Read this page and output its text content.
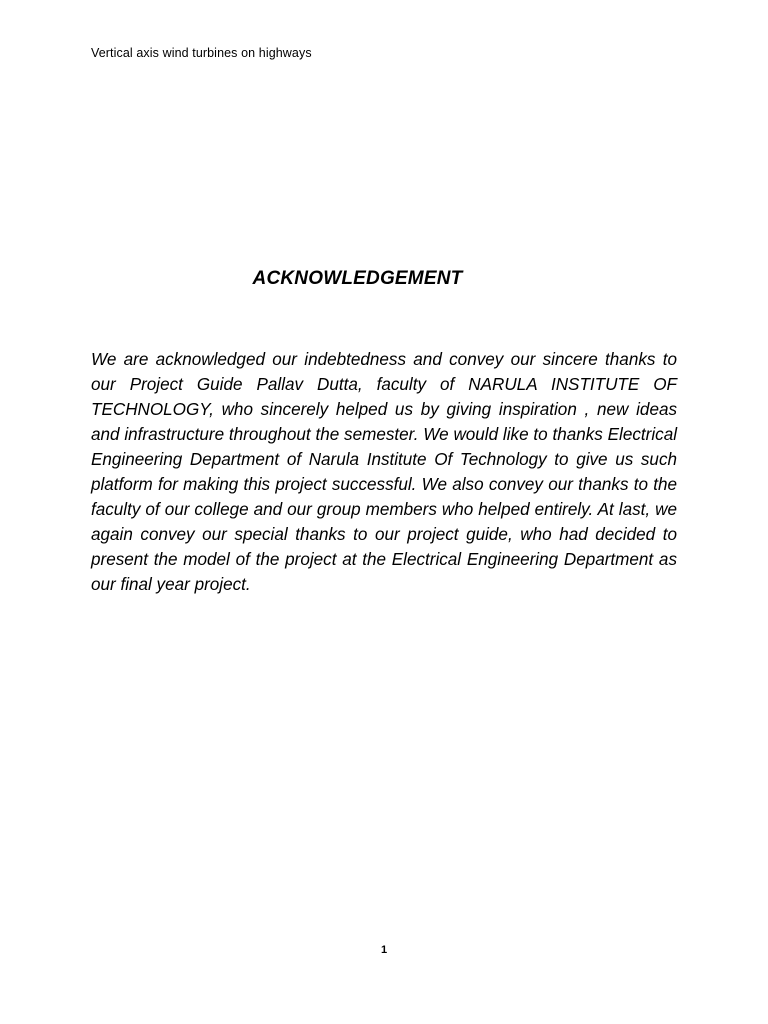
Vertical axis wind turbines on highways
ACKNOWLEDGEMENT
We are acknowledged our indebtedness and convey our sincere thanks to our Project Guide Pallav Dutta, faculty of NARULA INSTITUTE OF TECHNOLOGY, who sincerely helped us by giving inspiration , new ideas and infrastructure throughout the semester. We would like to thanks Electrical Engineering Department of Narula Institute Of Technology to give us such platform for making this project successful. We also convey our thanks to the faculty of our college and our group members who helped entirely. At last, we again convey our special thanks to our project guide, who had decided to present the model of the project at the Electrical Engineering Department as our final year project.
1
